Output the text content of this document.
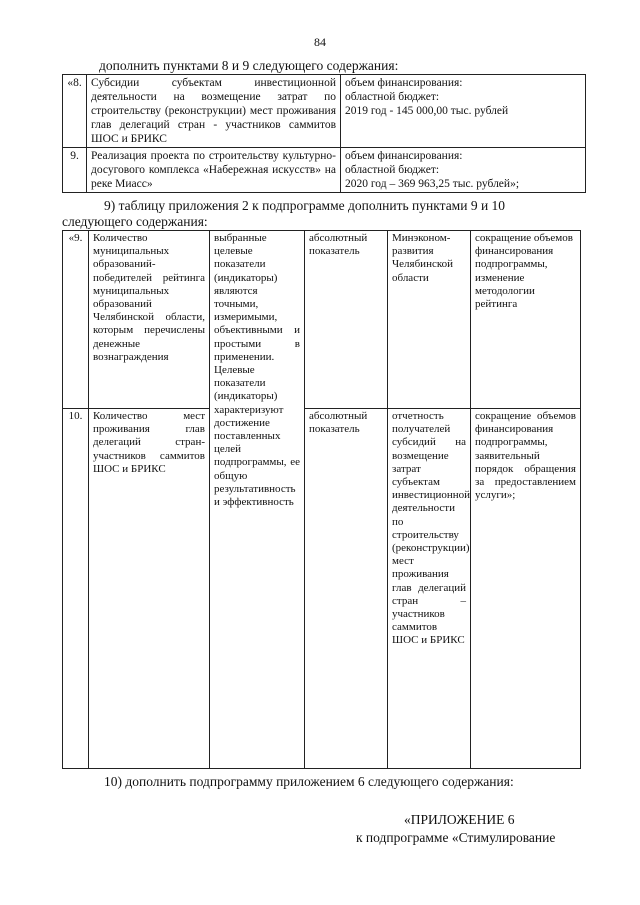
84
дополнить пунктами 8 и 9 следующего содержания:
«8.	Субсидии субъектам инвестиционной деятельности на возмещение затрат по строительству (реконструкции) мест проживания глав делегаций стран - участников саммитов ШОС и БРИКС	объем финансирования:
областной бюджет:
2019 год - 145 000,00 тыс. рублей

9.	Реализация проекта по строительству культурно-досугового комплекса «Набережная искусств» на реке Миасс»	объем финансирования:
областной бюджет:
2020 год – 369 963,25 тыс. рублей»;
9) таблицу приложения 2 к подпрограмме дополнить пунктами 9 и 10
следующего содержания:
«9.	Количество муниципальных образований-победителей рейтинга муниципальных образований Челябинской области, которым перечислены денежные вознаграждения	выбранные целевые показатели (индикаторы) являются точными, измеримыми, объективными и простыми в применении. Целевые показатели (индикаторы) характеризуют достижение поставленных целей подпрограммы, ее общую результативность и эффективность	абсолютный показатель	Минэконом-развития Челябинской области	сокращение объемов финансирования подпрограммы, изменение методологии рейтинга
10.	Количество мест проживания глав делегаций стран-участников саммитов ШОС и БРИКС		абсолютный показатель	отчетность получателей субсидий на возмещение затрат субъектам инвестиционной деятельности по строительству (реконструкции) мест проживания глав делегаций стран – участников саммитов ШОС и БРИКС	сокращение объемов финансирования подпрограммы, заявительный порядок обращения за предоставлением услуги»;
10) дополнить подпрограмму приложением 6 следующего содержания:
«ПРИЛОЖЕНИЕ 6
к подпрограмме «Стимулирование
